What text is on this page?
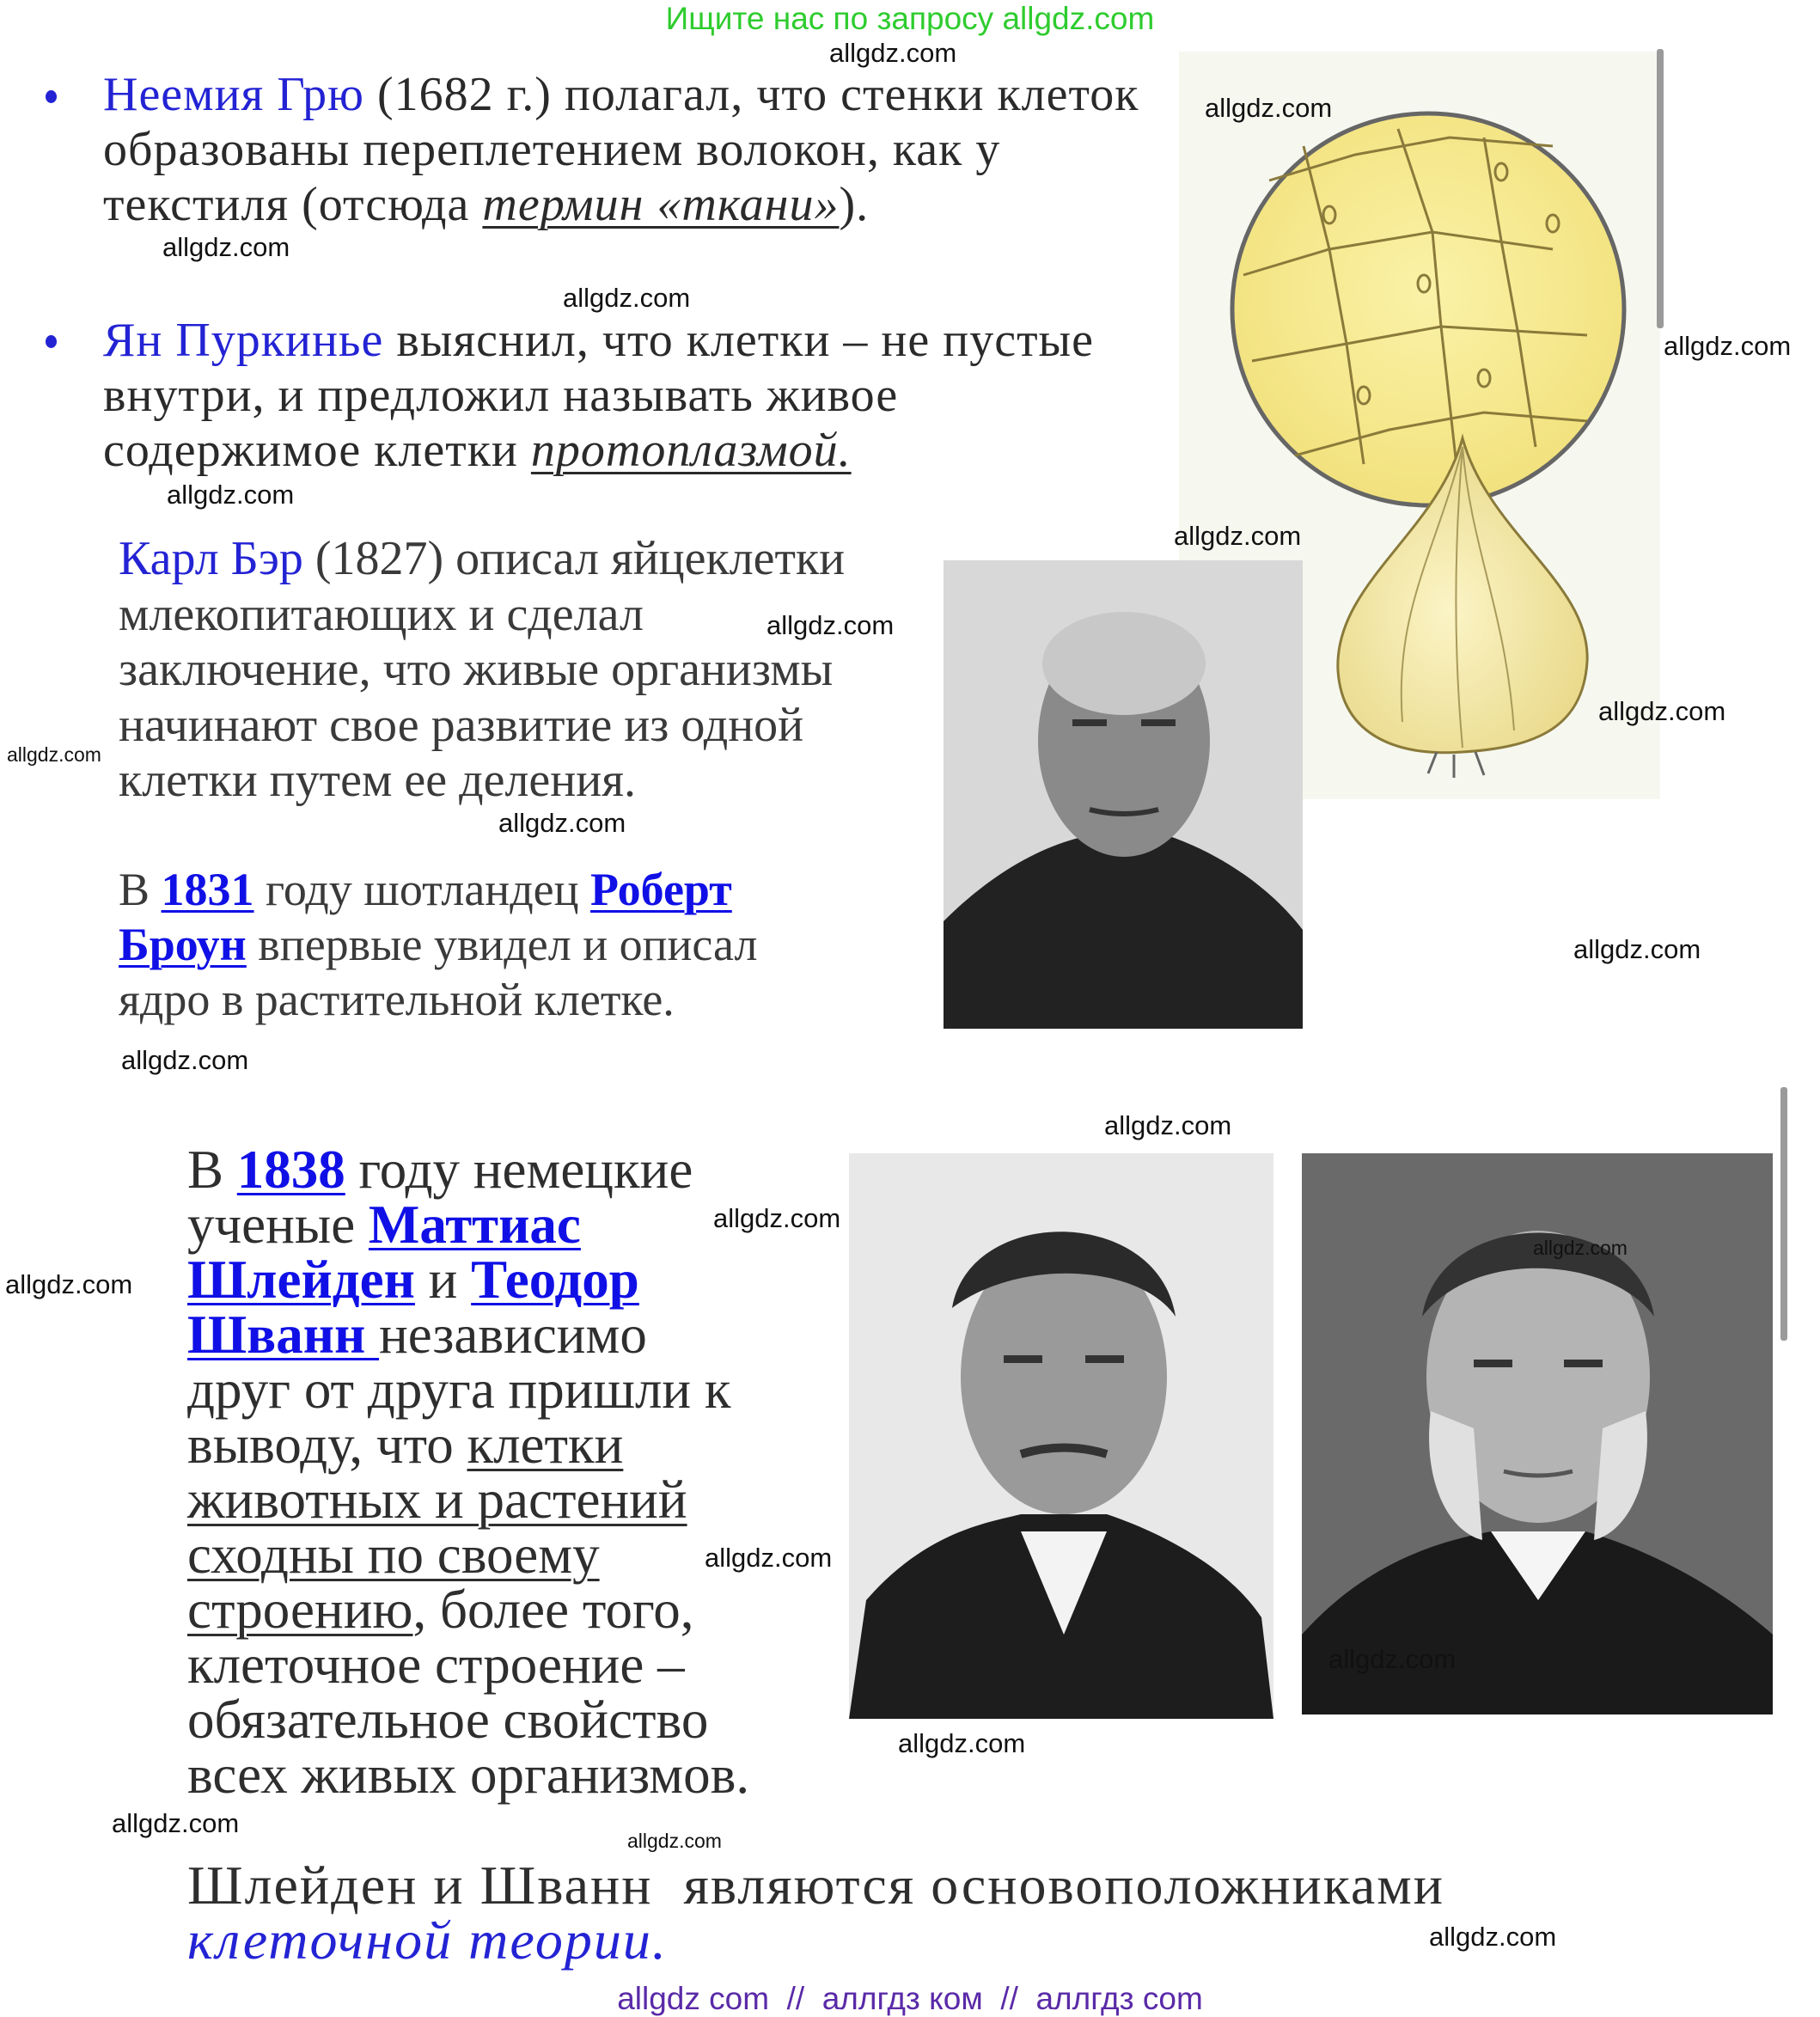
Ищите нас по запросу allgdz.com
Неемия Грю (1682 г.) полагал, что стенки клеток
образованы переплетением волокон, как у
текстиля (отсюда термин «ткани»).
Ян Пуркинье выяснил, что клетки – не пустые
внутри, и предложил называть живое
содержимое клетки протоплазмой.
Карл Бэр (1827) описал яйцеклетки
млекопитающих и сделал
заключение, что живые организмы
начинают свое развитие из одной
клетки путем ее деления.
В 1831 году шотландец Роберт
Броун впервые увидел и описал
ядро в растительной клетке.
В 1838 году немецкие
ученые Маттиас
Шлейден и Теодор
Шванн независимо
друг от друга пришли к
выводу, что клетки
животных и растений
сходны по своему
строению, более того,
клеточное строение –
обязательное свойство
всех живых организмов.
Шлейден и Шванн  являются основоположниками
клеточной теории.
allgdz com  //  аллгдз ком  //  аллгдз com
allgdz.com
allgdz.com
allgdz.com
allgdz.com
allgdz.com
allgdz.com
allgdz.com
allgdz.com
allgdz.com
allgdz.com
allgdz.com
allgdz.com
allgdz.com
allgdz.com
allgdz.com
allgdz.com
allgdz.com
allgdz.com
allgdz.com
allgdz.com
allgdz.com
allgdz.com
allgdz.com
